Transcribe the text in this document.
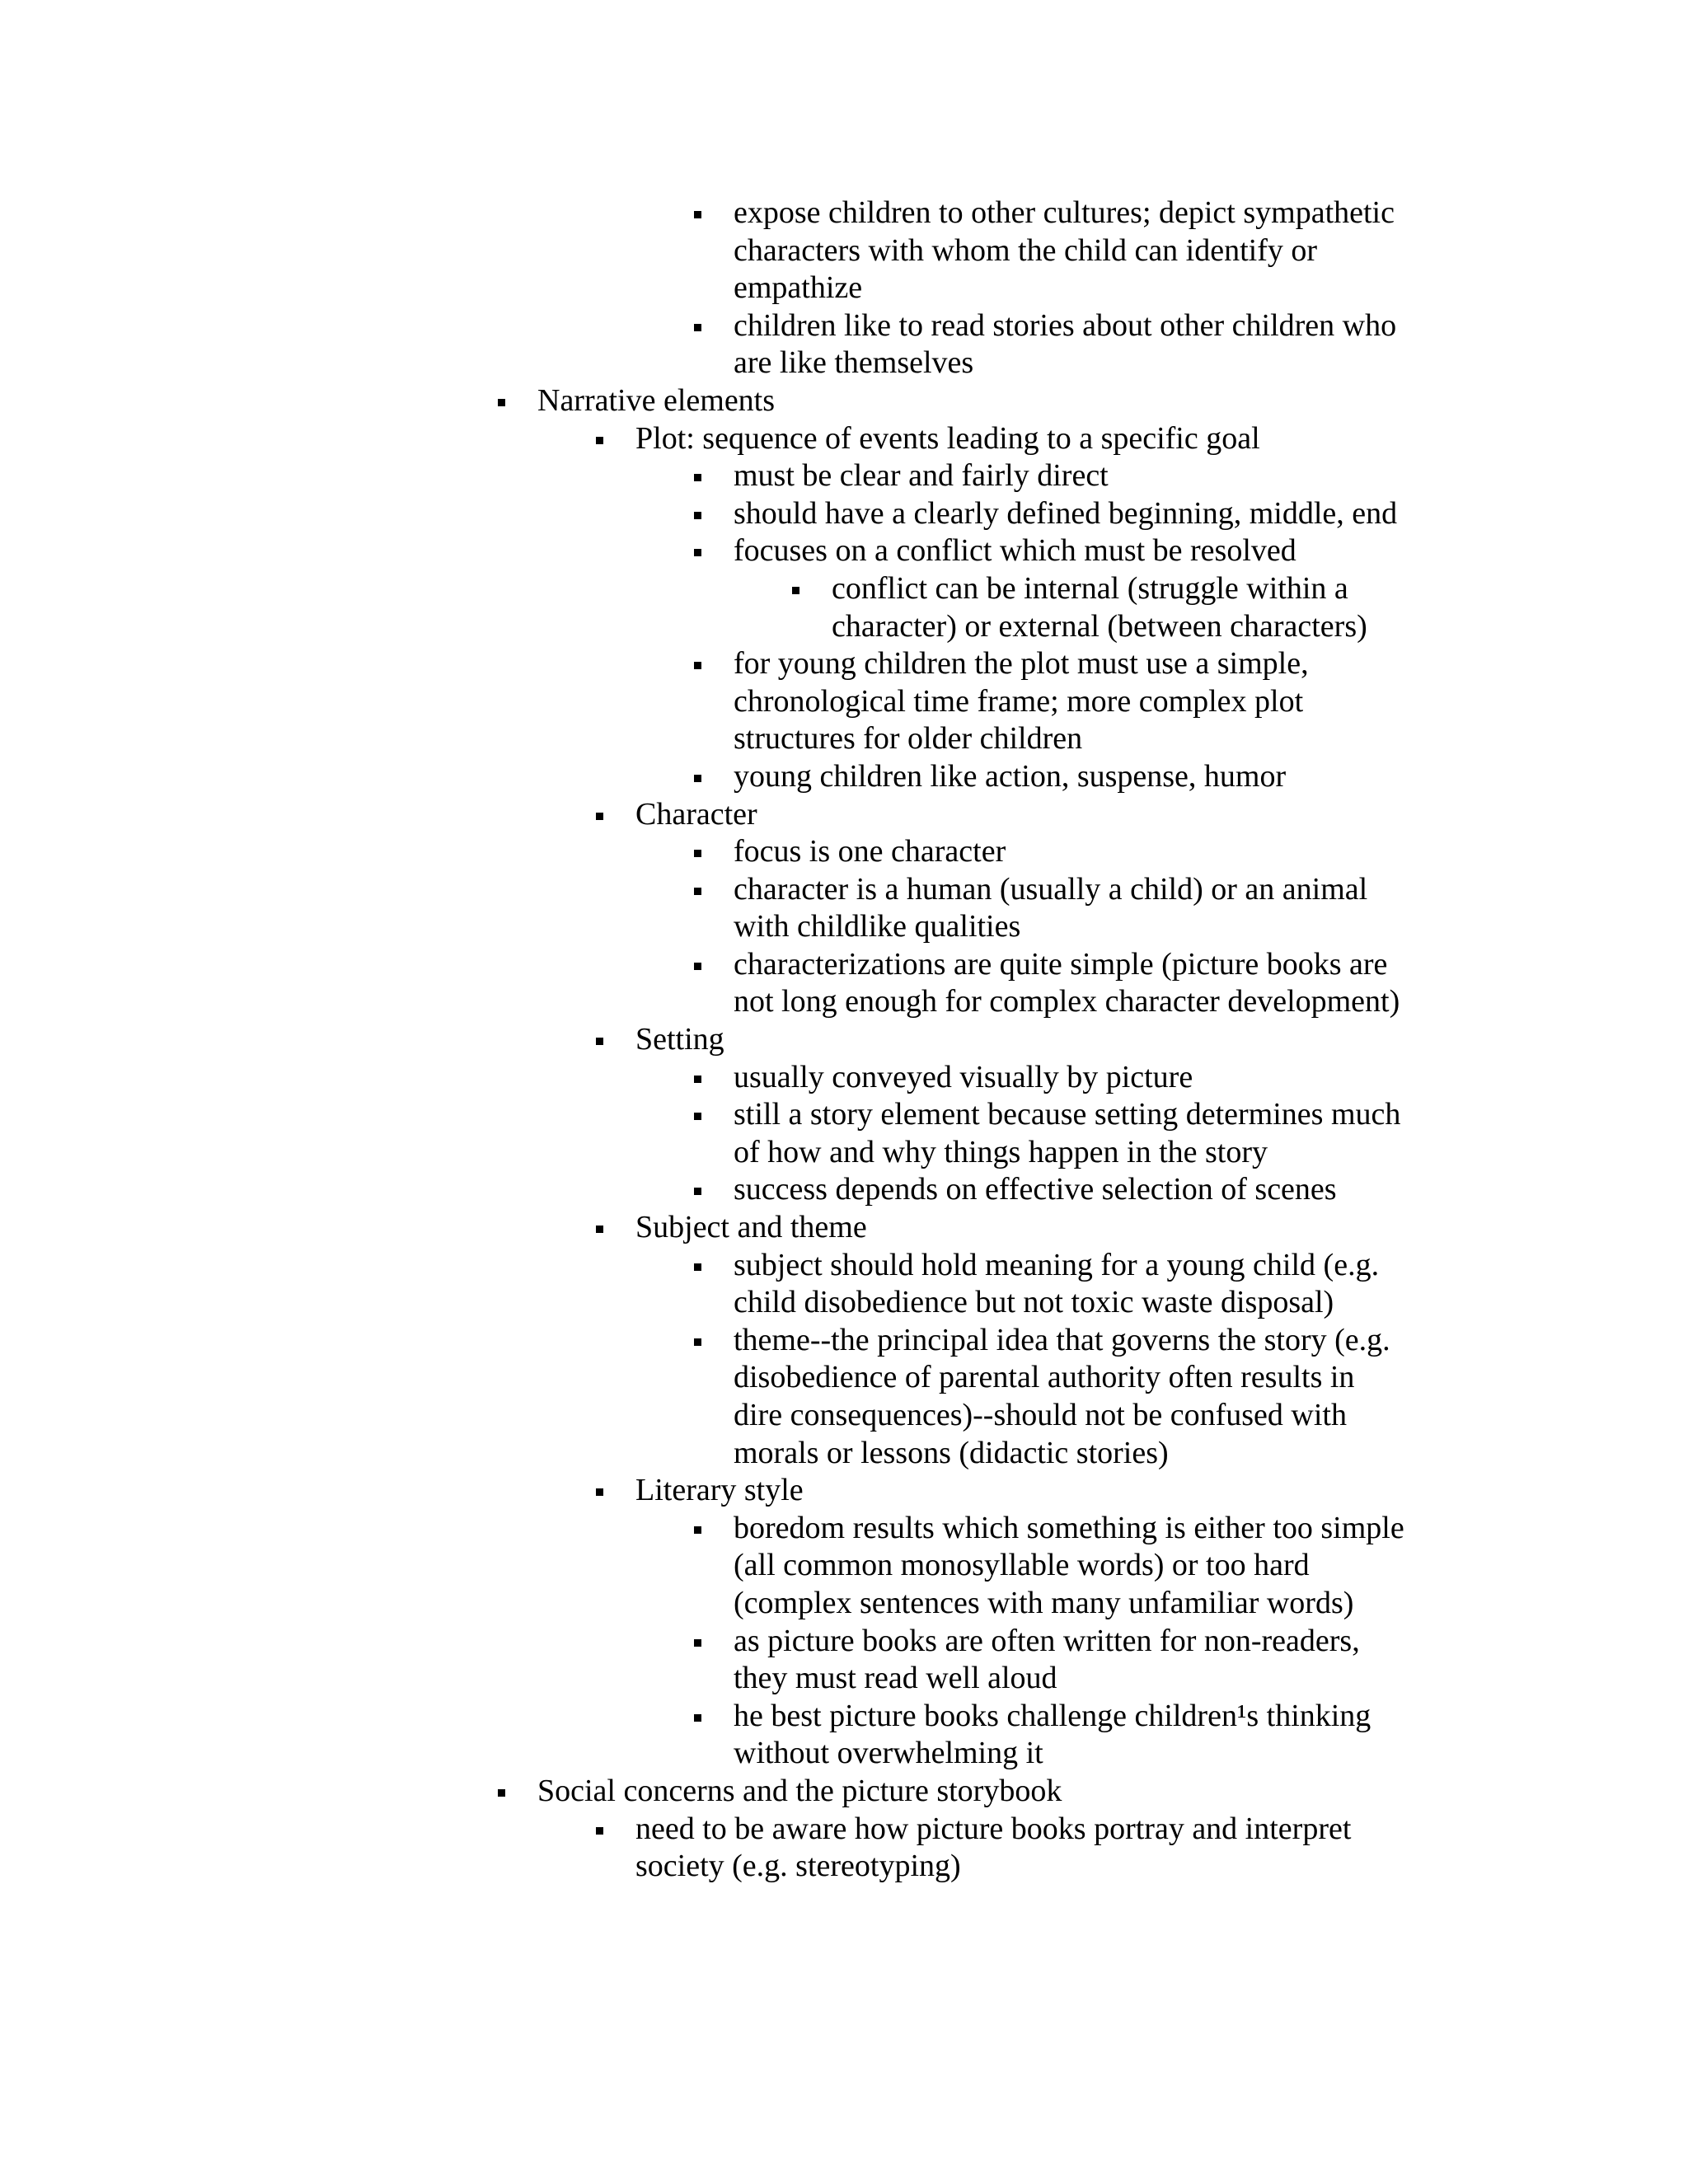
expose children to other cultures; depict sympathetic
characters with whom the child can identify or
empathize
children like to read stories about other children who
are like themselves
Narrative elements
Plot: sequence of events leading to a specific goal
must be clear and fairly direct
should have a clearly defined beginning, middle, end
focuses on a conflict which must be resolved
conflict can be internal (struggle within a
character) or external (between characters)
for young children the plot must use a simple,
chronological time frame; more complex plot
structures for older children
young children like action, suspense, humor
Character
focus is one character
character is a human (usually a child) or an animal
with childlike qualities
characterizations are quite simple (picture books are
not long enough for complex character development)
Setting
usually conveyed visually by picture
still a story element because setting determines much
of how and why things happen in the story
success depends on effective selection of scenes
Subject and theme
subject should hold meaning for a young child (e.g.
child disobedience but not toxic waste disposal)
theme--the principal idea that governs the story (e.g.
disobedience of parental authority often results in
dire consequences)--should not be confused with
morals or lessons (didactic stories)
Literary style
boredom results which something is either too simple
(all common monosyllable words) or too hard
(complex sentences with many unfamiliar words)
as picture books are often written for non-readers,
they must read well aloud
he best picture books challenge children¹s thinking
without overwhelming it
Social concerns and the picture storybook
need to be aware how picture books portray and interpret
society (e.g. stereotyping)
